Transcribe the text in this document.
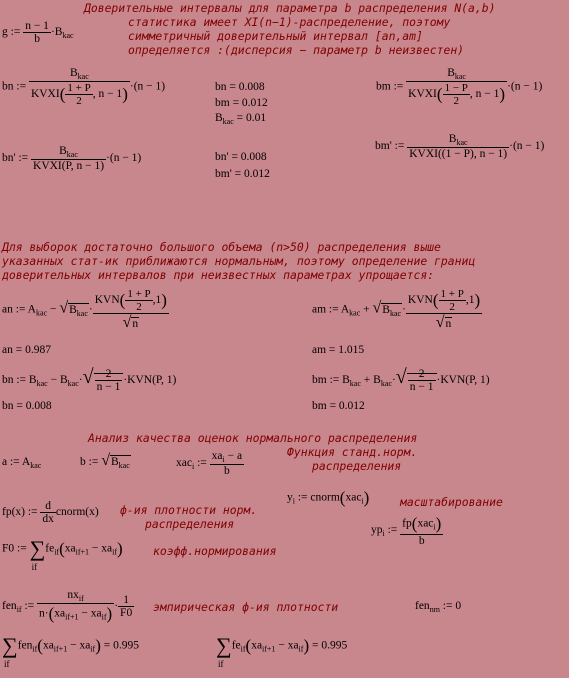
Доверительные интервалы для параметра b распределения N(a,b)
g := $\frac{n - 1}{b} \cdot B_{kac}$
статистика имеет XI(n−1)-распределение, поэтому
симметричный доверительный интервал [an,am]
определяется :(дисперсия − параметр b неизвестен)
bn := $\frac{B_{kac}}{KVXI( \frac{1 + P}{2} , n - 1)} \cdot(n - 1)$	bn = 0.008
bm = 0.012
$B_{kac} = 0.01$
bm := $\frac{B_{kac}}{KVXI( \frac{1 - P}{2} , n - 1)} \cdot(n - 1)$
bn' := $\frac{B_{kac}}{\text{KVXI(P, n − 1)}} \cdot(n - 1)$	bn' = 0.008
bm' = 0.012
bm' := $\frac{B_{kac}}{\text{KVXI((1 − P), n − 1)}} \cdot(n - 1)$
Для выборок достаточно большого объема (n>50) распределения выше
указанных стат-ик приближаются нормальным, поэтому определение границ
доверительных интервалов при неизвестных параметрах упрощается:
an := $A_{kac} - √B_{kac}\cdot \frac{KVN( \frac{1 + P}{2} ,1)}{√n}$
an = 0.987
am := $A_{kac} + √B_{kac}\cdot \frac{KVN( \frac{1 + P}{2} ,1)}{√n}$
am = 1.015
bn := $B_{kac} - B_{kac}\cdot√ \frac{2}{n - 1} \cdot KVN(P$, 1)
bn = 0.008
bm := $B_{kac} + B_{kac}\cdot√ \frac{2}{n - 1} \cdot KVN(P$, 1)
bm = 0.012
Анализ качества оценок нормального распределения
a := $A_{kac}$	b := $√B_{kac}$	xac$_i$ := $\frac{xa_i - a}{b}$	Функция станд.норм.
распределения
$y_i$ := cnorm(xac$_i$)	масштабирование
fp(x) := $\frac{d}{dx}$ cnorm(x) ф-ия плотности норм.
распределения	$yp_i$ := $\frac{fp(xac_i)}{b}$
F0 := ∑
if
$fe_{if}(xa_{if+1} - xa_{if})$	коэфф.нормирования
fen$_{if}$ := $\frac{nx_{if}}{n\cdot(xa_{if+1} - xa_{if})} \cdot \frac{1}{F0}$ эмпирическая ф-ия плотности	fen$_{nm}$ := 0
∑
if
$fen_{if}(xa_{if+1} - xa_{if}) = 0.995$	∑
if
$fe_{if}(xa_{if+1} - xa_{if}) = 0.995$
